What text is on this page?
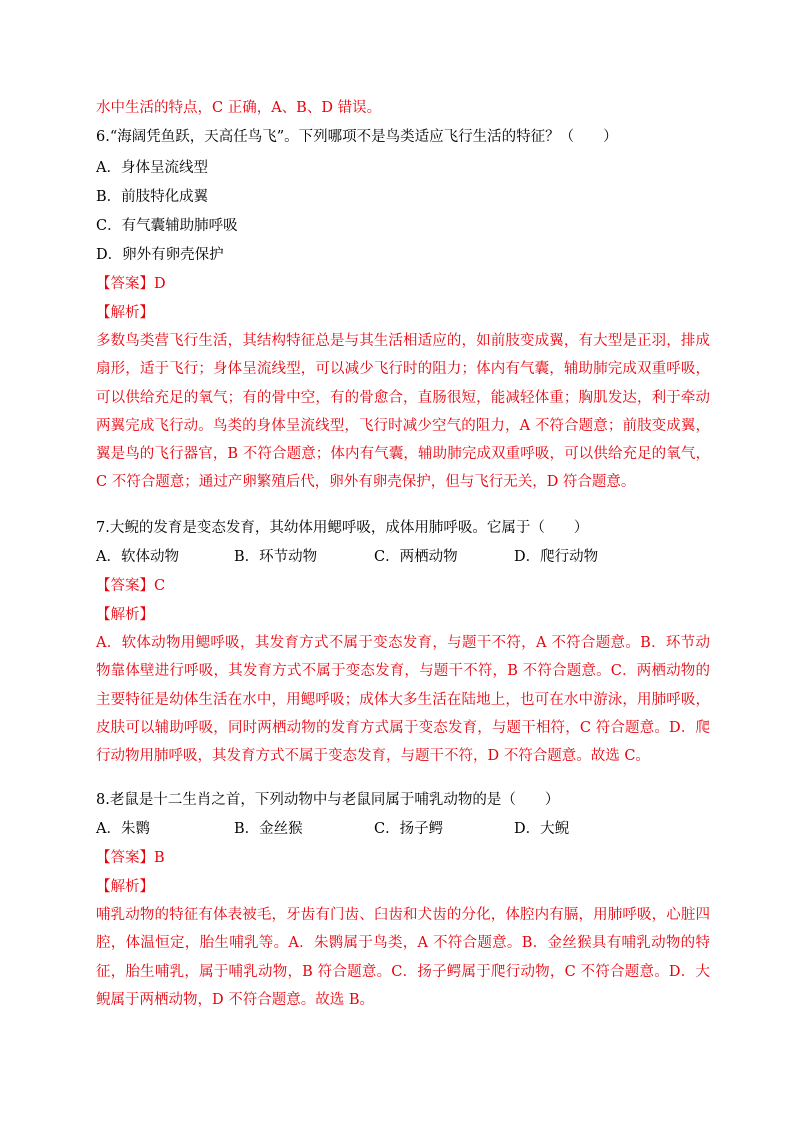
水中生活的特点，C 正确，A、B、D 错误。
6.“海阔凭鱼跃，天高任鸟飞”。下列哪项不是鸟类适应飞行生活的特征？（　　）
A．身体呈流线型
B．前肢特化成翼
C．有气囊辅助肺呼吸
D．卵外有卵壳保护
【答案】D
【解析】
多数鸟类营飞行生活，其结构特征总是与其生活相适应的，如前肢变成翼，有大型是正羽，排成扇形，适于飞行；身体呈流线型，可以减少飞行时的阻力；体内有气囊，辅助肺完成双重呼吸，可以供给充足的氧气；有的骨中空，有的骨愈合，直肠很短，能减轻体重；胸肌发达，利于牵动两翼完成飞行动。鸟类的身体呈流线型，飞行时减少空气的阻力，A 不符合题意；前肢变成翼，翼是鸟的飞行器官，B 不符合题意；体内有气囊，辅助肺完成双重呼吸，可以供给充足的氧气，C 不符合题意；通过产卵繁殖后代，卵外有卵壳保护，但与飞行无关，D 符合题意。
7.大鲵的发育是变态发育，其幼体用鳃呼吸，成体用肺呼吸。它属于（　　）
A．软体动物	B．环节动物	C．两栖动物	D．爬行动物
【答案】C
【解析】
A．软体动物用鳃呼吸，其发育方式不属于变态发育，与题干不符，A 不符合题意。B．环节动物靠体壁进行呼吸，其发育方式不属于变态发育，与题干不符，B 不符合题意。C．两栖动物的主要特征是幼体生活在水中，用鳃呼吸；成体大多生活在陆地上，也可在水中游泳，用肺呼吸，皮肤可以辅助呼吸，同时两栖动物的发育方式属于变态发育，与题干相符，C 符合题意。D．爬行动物用肺呼吸，其发育方式不属于变态发育，与题干不符，D 不符合题意。故选 C。
8.老鼠是十二生肖之首，下列动物中与老鼠同属于哺乳动物的是（　　）
A．朱鹮	B．金丝猴	C．扬子鳄	D．大鲵
【答案】B
【解析】
哺乳动物的特征有体表被毛，牙齿有门齿、臼齿和犬齿的分化，体腔内有膈，用肺呼吸，心脏四腔，体温恒定，胎生哺乳等。A．朱鹮属于鸟类，A 不符合题意。B．金丝猴具有哺乳动物的特征，胎生哺乳，属于哺乳动物，B 符合题意。C．扬子鳄属于爬行动物，C 不符合题意。D．大鲵属于两栖动物，D 不符合题意。故选 B。
